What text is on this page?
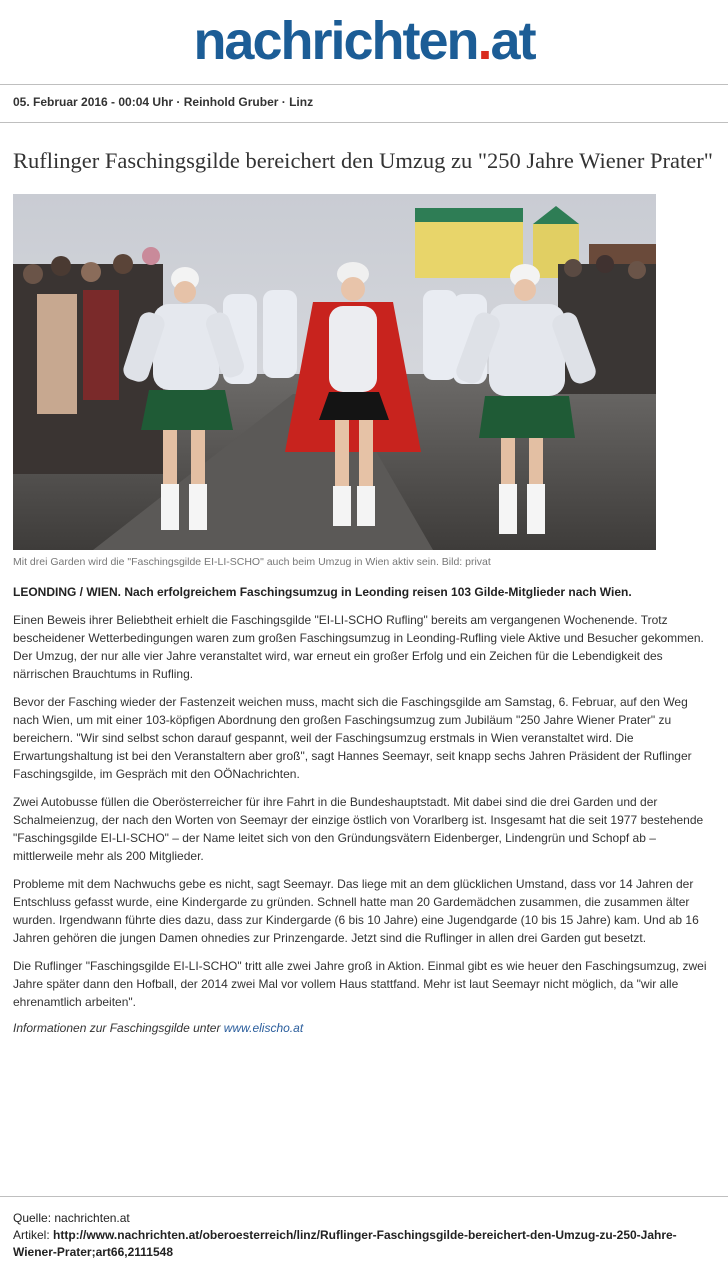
nachrichten.at
05. Februar 2016 - 00:04 Uhr · Reinhold Gruber · Linz
Ruflinger Faschingsgilde bereichert den Umzug zu "250 Jahre Wiener Prater"
Mit drei Garden wird die "Faschingsgilde EI-LI-SCHO" auch beim Umzug in Wien aktiv sein. Bild: privat

LEONDING / WIEN. Nach erfolgreichem Faschingsumzug in Leonding reisen 103 Gilde-Mitglieder nach Wien.

Einen Beweis ihrer Beliebtheit erhielt die Faschingsgilde "EI-LI-SCHO Rufling" bereits am vergangenen Wochenende. Trotz bescheidener Wetterbedingungen waren zum großen Faschingsumzug in Leonding-Rufling viele Aktive und Besucher gekommen. Der Umzug, der nur alle vier Jahre veranstaltet wird, war erneut ein großer Erfolg und ein Zeichen für die Lebendigkeit des närrischen Brauchtums in Rufling.

Bevor der Fasching wieder der Fastenzeit weichen muss, macht sich die Faschingsgilde am Samstag, 6. Februar, auf den Weg nach Wien, um mit einer 103-köpfigen Abordnung den großen Faschingsumzug zum Jubiläum "250 Jahre Wiener Prater" zu bereichern. "Wir sind selbst schon darauf gespannt, weil der Faschingsumzug erstmals in Wien veranstaltet wird. Die Erwartungshaltung ist bei den Veranstaltern aber groß", sagt Hannes Seemayr, seit knapp sechs Jahren Präsident der Ruflinger Faschingsgilde, im Gespräch mit den OÖNachrichten.

Zwei Autobusse füllen die Oberösterreicher für ihre Fahrt in die Bundeshauptstadt. Mit dabei sind die drei Garden und der Schalmeienzug, der nach den Worten von Seemayr der einzige östlich von Vorarlberg ist. Insgesamt hat die seit 1977 bestehende "Faschingsgilde EI-LI-SCHO" – der Name leitet sich von den Gründungsvätern Eidenberger, Lindengrün und Schopf ab – mittlerweile mehr als 200 Mitglieder.

Probleme mit dem Nachwuchs gebe es nicht, sagt Seemayr. Das liege mit an dem glücklichen Umstand, dass vor 14 Jahren der Entschluss gefasst wurde, eine Kindergarde zu gründen. Schnell hatte man 20 Gardemädchen zusammen, die zusammen älter wurden. Irgendwann führte dies dazu, dass zur Kindergarde (6 bis 10 Jahre) eine Jugendgarde (10 bis 15 Jahre) kam. Und ab 16 Jahren gehören die jungen Damen ohnedies zur Prinzengarde. Jetzt sind die Ruflinger in allen drei Garden gut besetzt.

Die Ruflinger "Faschingsgilde EI-LI-SCHO" tritt alle zwei Jahre groß in Aktion. Einmal gibt es wie heuer den Faschingsumzug, zwei Jahre später dann den Hofball, der 2014 zwei Mal vor vollem Haus stattfand. Mehr ist laut Seemayr nicht möglich, da "wir alle ehrenamtlich arbeiten".

Informationen zur Faschingsgilde unter www.elischo.at

Quelle: nachrichten.at
Artikel: http://www.nachrichten.at/oberoesterreich/linz/Ruflinger-Faschingsgilde-bereichert-den-Umzug-zu-250-Jahre-Wiener-Prater;art66,2111548
